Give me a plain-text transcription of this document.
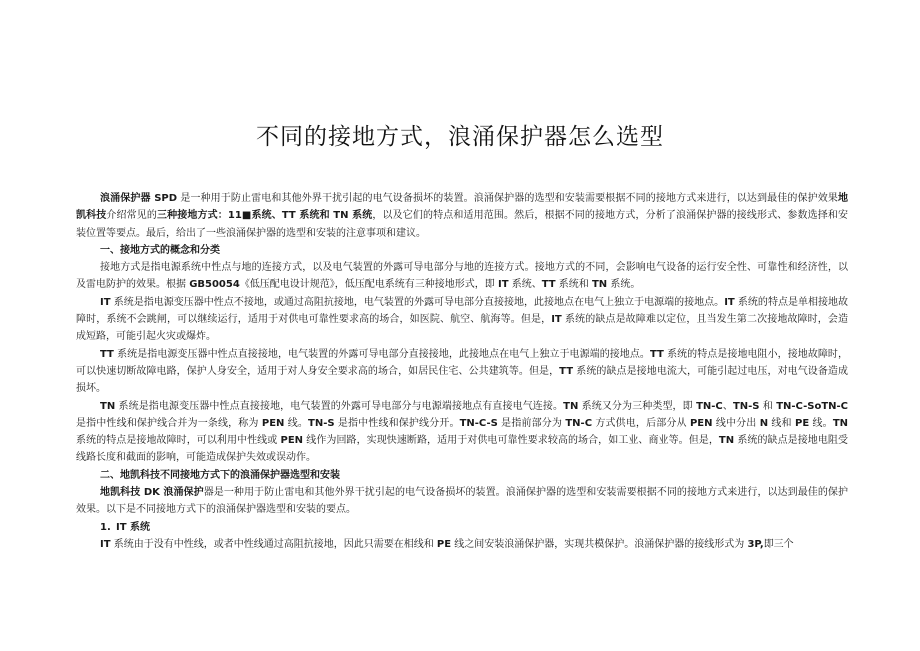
不同的接地方式，浪涌保护器怎么选型

浪涌保护器 SPD 是一种用于防止雷电和其他外界干扰引起的电气设备损坏的装置。浪涌保护器的选型和安装需要根据不同的接地方式来进行，以达到最佳的保护效果地凯科技介绍常见的三种接地方式：11■系统、TT 系统和 TN 系统，以及它们的特点和适用范围。然后，根据不同的接地方式，分析了浪涌保护器的接线形式、参数选择和安装位置等要点。最后，给出了一些浪涌保护器的选型和安装的注意事项和建议。

一、接地方式的概念和分类

接地方式是指电源系统中性点与地的连接方式，以及电气装置的外露可导电部分与地的连接方式。接地方式的不同，会影响电气设备的运行安全性、可靠性和经济性，以及雷电防护的效果。根据 GB50054《低压配电设计规范》，低压配电系统有三种接地形式，即 IT 系统、TT 系统和 TN 系统。

IT 系统是指电源变压器中性点不接地，或通过高阻抗接地，电气装置的外露可导电部分直接接地，此接地点在电气上独立于电源端的接地点。IT 系统的特点是单相接地故障时，系统不会跳闸，可以继续运行，适用于对供电可靠性要求高的场合，如医院、航空、航海等。但是，IT 系统的缺点是故障难以定位，且当发生第二次接地故障时，会造成短路，可能引起火灾或爆炸。

TT 系统是指电源变压器中性点直接接地，电气装置的外露可导电部分直接接地，此接地点在电气上独立于电源端的接地点。TT 系统的特点是接地电阻小，接地故障时，可以快速切断故障电路，保护人身安全，适用于对人身安全要求高的场合，如居民住宅、公共建筑等。但是，TT 系统的缺点是接地电流大，可能引起过电压，对电气设备造成损坏。

TN 系统是指电源变压器中性点直接接地，电气装置的外露可导电部分与电源端接地点有直接电气连接。TN 系统又分为三种类型，即 TN-C、TN-S 和 TN-C-SoTN-C 是指中性线和保护线合并为一条线，称为 PEN 线。TN-S 是指中性线和保护线分开。TN-C-S 是指前部分为 TN-C 方式供电，后部分从 PEN 线中分出 N 线和 PE 线。TN 系统的特点是接地故障时，可以利用中性线或 PEN 线作为回路，实现快速断路，适用于对供电可靠性要求较高的场合，如工业、商业等。但是，TN 系统的缺点是接地电阻受线路长度和截面的影响，可能造成保护失效或误动作。

二、地凯科技不同接地方式下的浪涌保护器选型和安装

地凯科技 DK 浪涌保护器是一种用于防止雷电和其他外界干扰引起的电气设备损坏的装置。浪涌保护器的选型和安装需要根据不同的接地方式来进行，以达到最佳的保护效果。以下是不同接地方式下的浪涌保护器选型和安装的要点。

1. IT 系统

IT 系统由于没有中性线，或者中性线通过高阻抗接地，因此只需要在相线和 PE 线之间安装浪涌保护器，实现共模保护。浪涌保护器的接线形式为 3P,即三个
